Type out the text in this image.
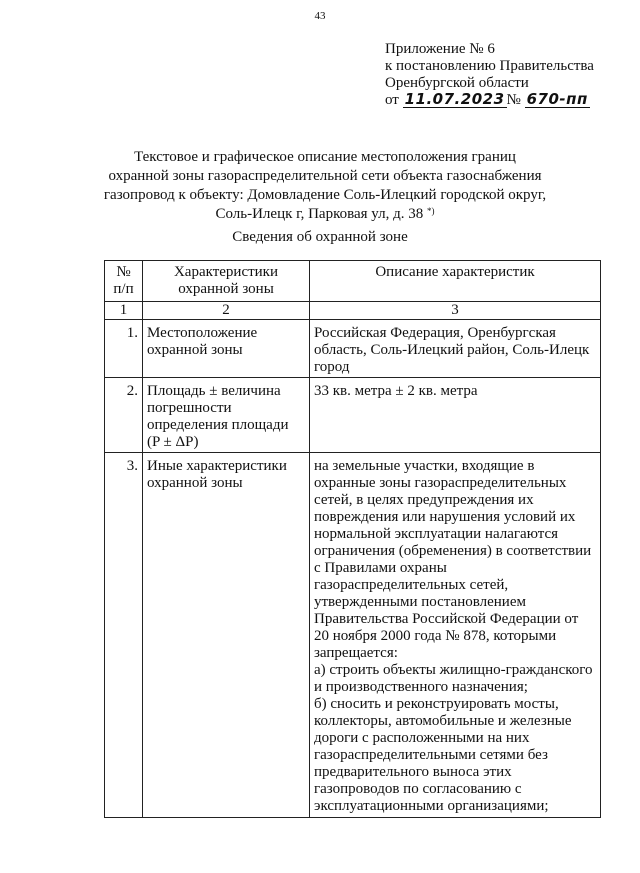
43
Приложение № 6
к постановлению Правительства
Оренбургской области
от 11.07.2023 № 670-пп
Текстовое и графическое описание местоположения границ
охранной зоны газораспределительной сети объекта газоснабжения
газопровод к объекту: Домовладение Соль-Илецкий городской округ,
Соль-Илецк г, Парковая ул, д. 38 *)
Сведения об охранной зоне
№ п/п	Характеристики охранной зоны	Описание характеристик
1	2	3
1.	Местоположение охранной зоны	Российская Федерация, Оренбургская область, Соль-Илецкий район, Соль-Илецк город
2.	Площадь ± величина погрешности определения площади (P ± ΔP)	33 кв. метра ± 2 кв. метра
3.	Иные характеристики охранной зоны	на земельные участки, входящие в охранные зоны газораспределительных сетей, в целях предупреждения их повреждения или нарушения условий их нормальной эксплуатации налагаются ограничения (обременения) в соответствии с Правилами охраны газораспределительных сетей, утвержденными постановлением Правительства Российской Федерации от 20 ноября 2000 года № 878, которыми запрещается:
а) строить объекты жилищно-гражданского и производственного назначения;
б) сносить и реконструировать мосты, коллекторы, автомобильные и железные дороги с расположенными на них газораспределительными сетями без предварительного выноса этих газопроводов по согласованию с эксплуатационными организациями;
